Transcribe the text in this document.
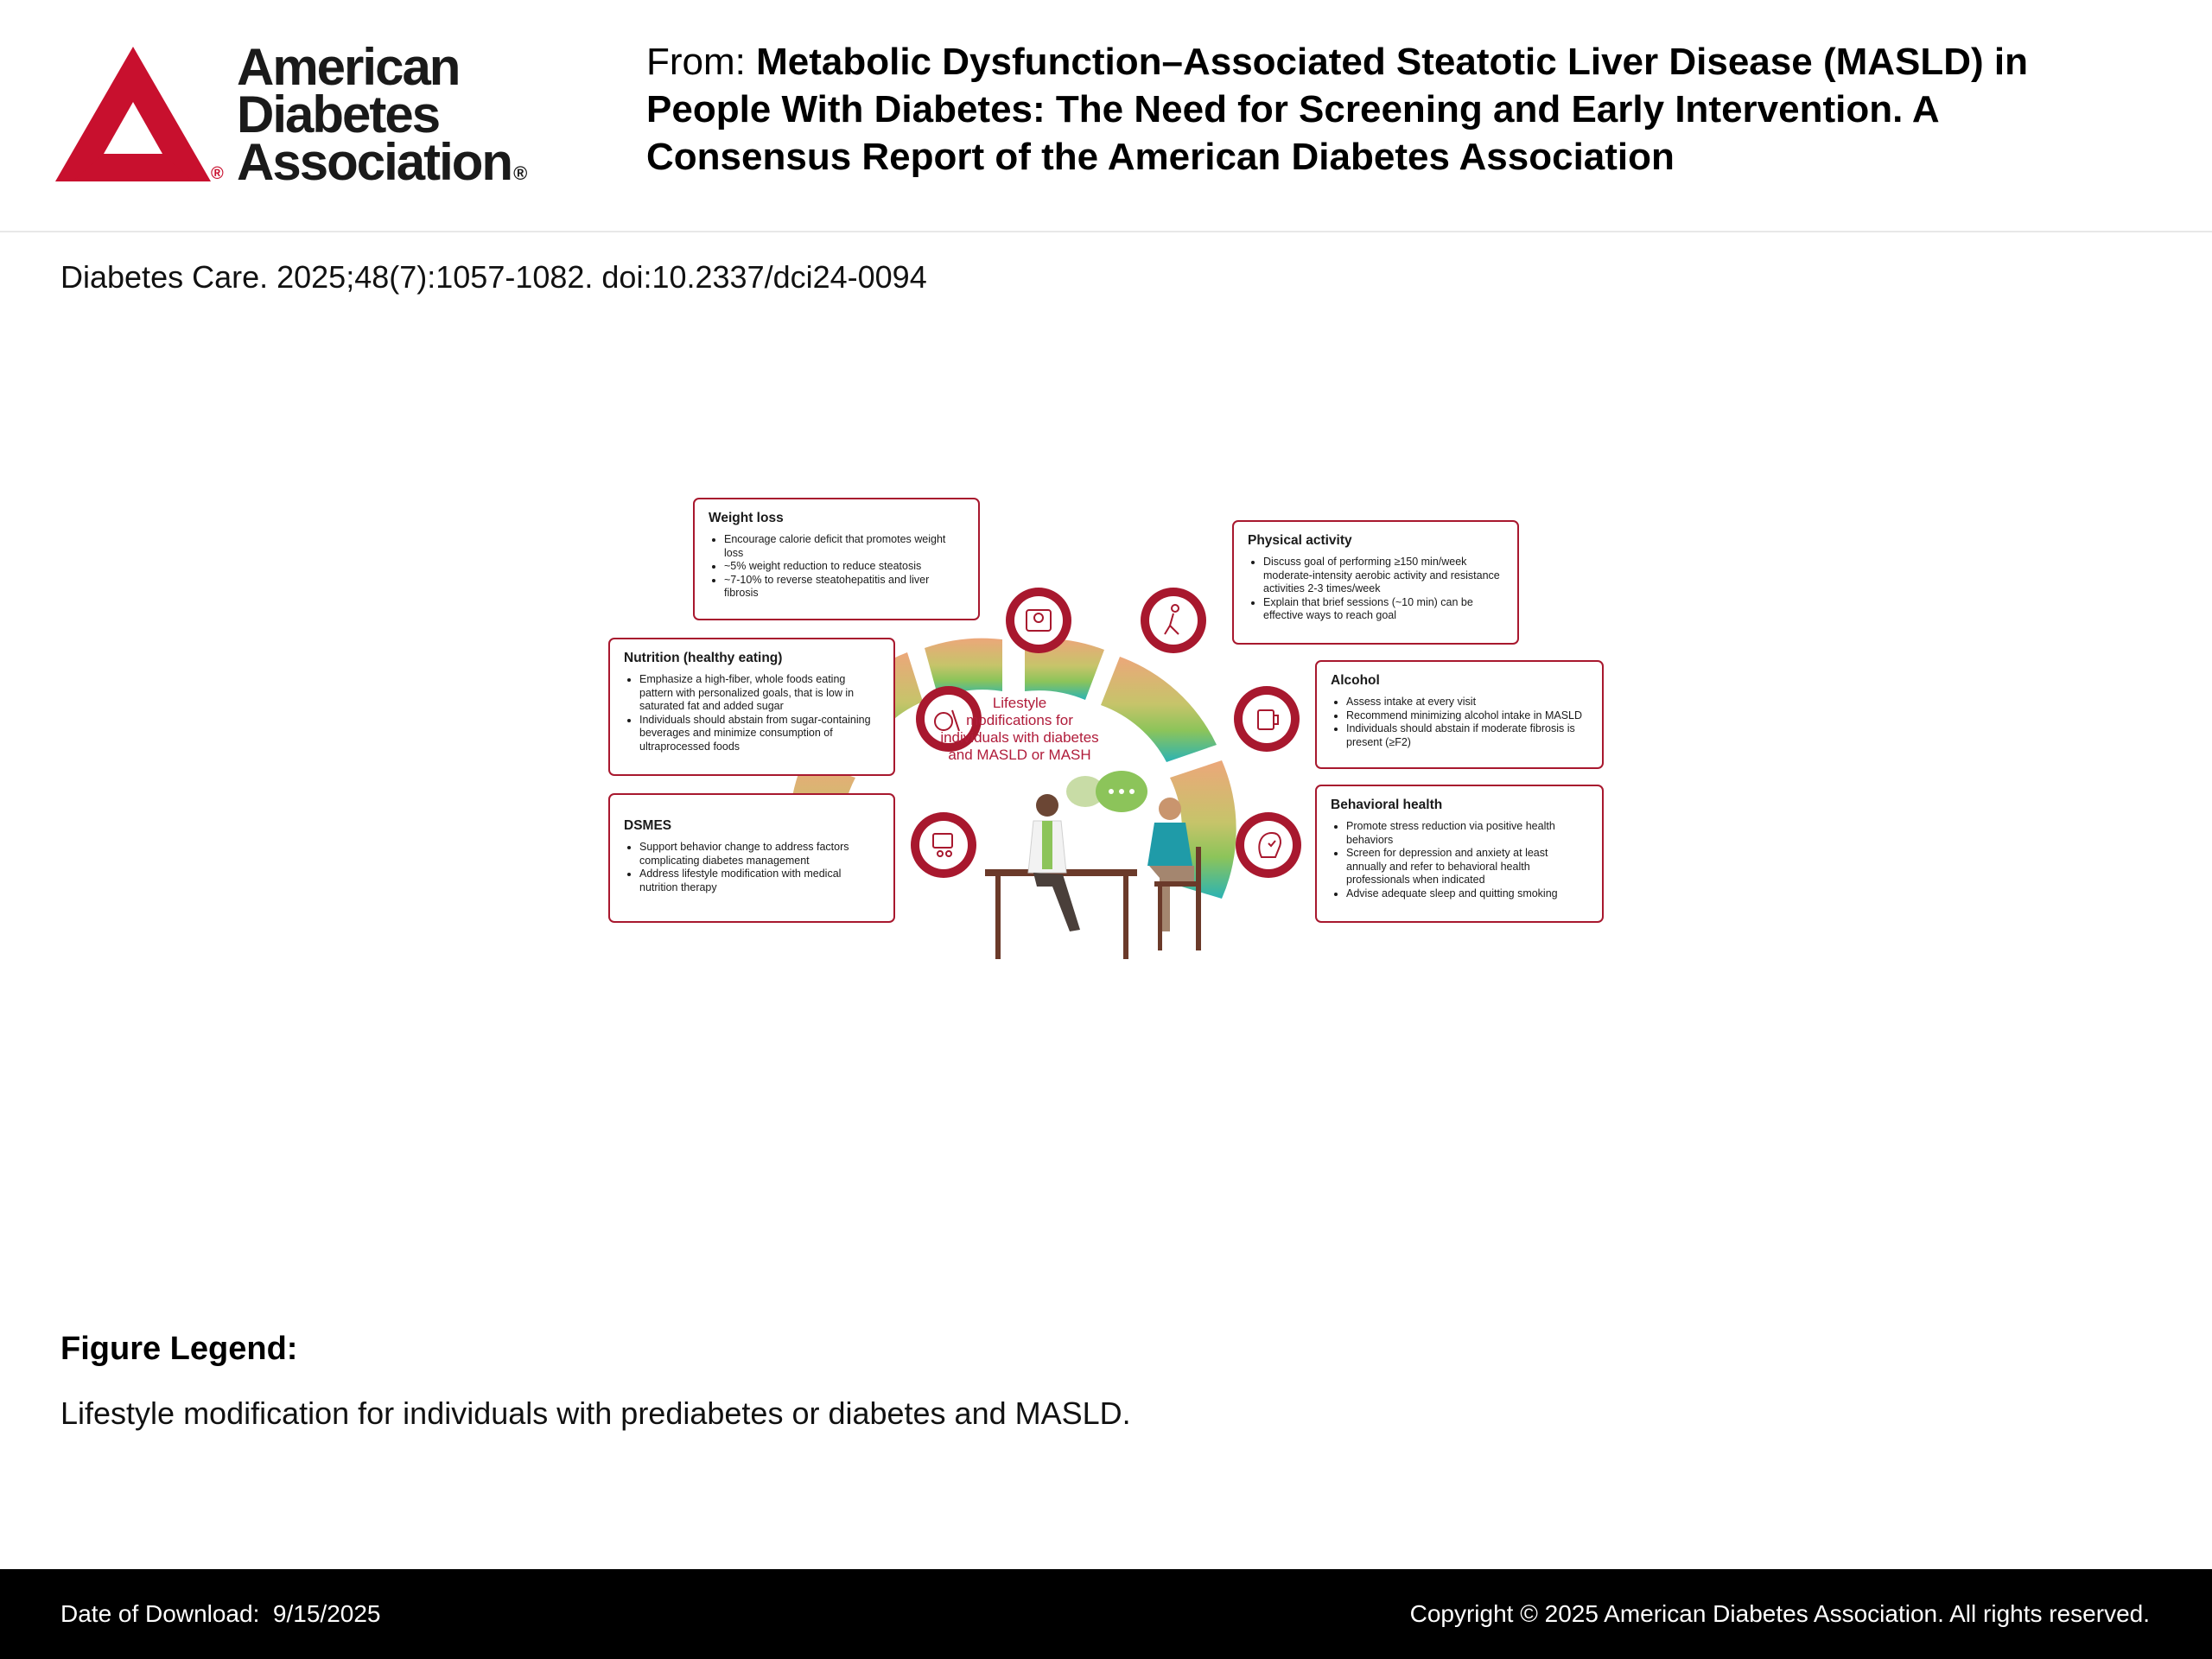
®
American
Diabetes
Association®
From: Metabolic Dysfunction–Associated Steatotic Liver Disease (MASLD) in People With Diabetes: The Need for Screening and Early Intervention. A Consensus Report of the American Diabetes Association
Diabetes Care. 2025;48(7):1057-1082. doi:10.2337/dci24-0094
Lifestyle
modifications for
individuals with diabetes
and MASLD or MASH
Weight loss
• Encourage calorie deficit that promotes weight loss
• ~5% weight reduction to reduce steatosis
• ~7-10% to reverse steatohepatitis and liver fibrosis
Nutrition (healthy eating)
• Emphasize a high-fiber, whole foods eating pattern with personalized goals, that is low in saturated fat and added sugar
• Individuals should abstain from sugar-containing beverages and minimize consumption of ultraprocessed foods
DSMES
• Support behavior change to address factors complicating diabetes management
• Address lifestyle modification with medical nutrition therapy
Physical activity
• Discuss goal of performing ≥150 min/week moderate-intensity aerobic activity and resistance activities 2-3 times/week
• Explain that brief sessions (~10 min) can be effective ways to reach goal
Alcohol
• Assess intake at every visit
• Recommend minimizing alcohol intake in MASLD
• Individuals should abstain if moderate fibrosis is present (≥F2)
Behavioral health
• Promote stress reduction via positive health behaviors
• Screen for depression and anxiety at least annually and refer to behavioral health professionals when indicated
• Advise adequate sleep and quitting smoking
Figure Legend:
Lifestyle modification for individuals with prediabetes or diabetes and MASLD.
Date of Download:  9/15/2025	Copyright © 2025 American Diabetes Association. All rights reserved.
